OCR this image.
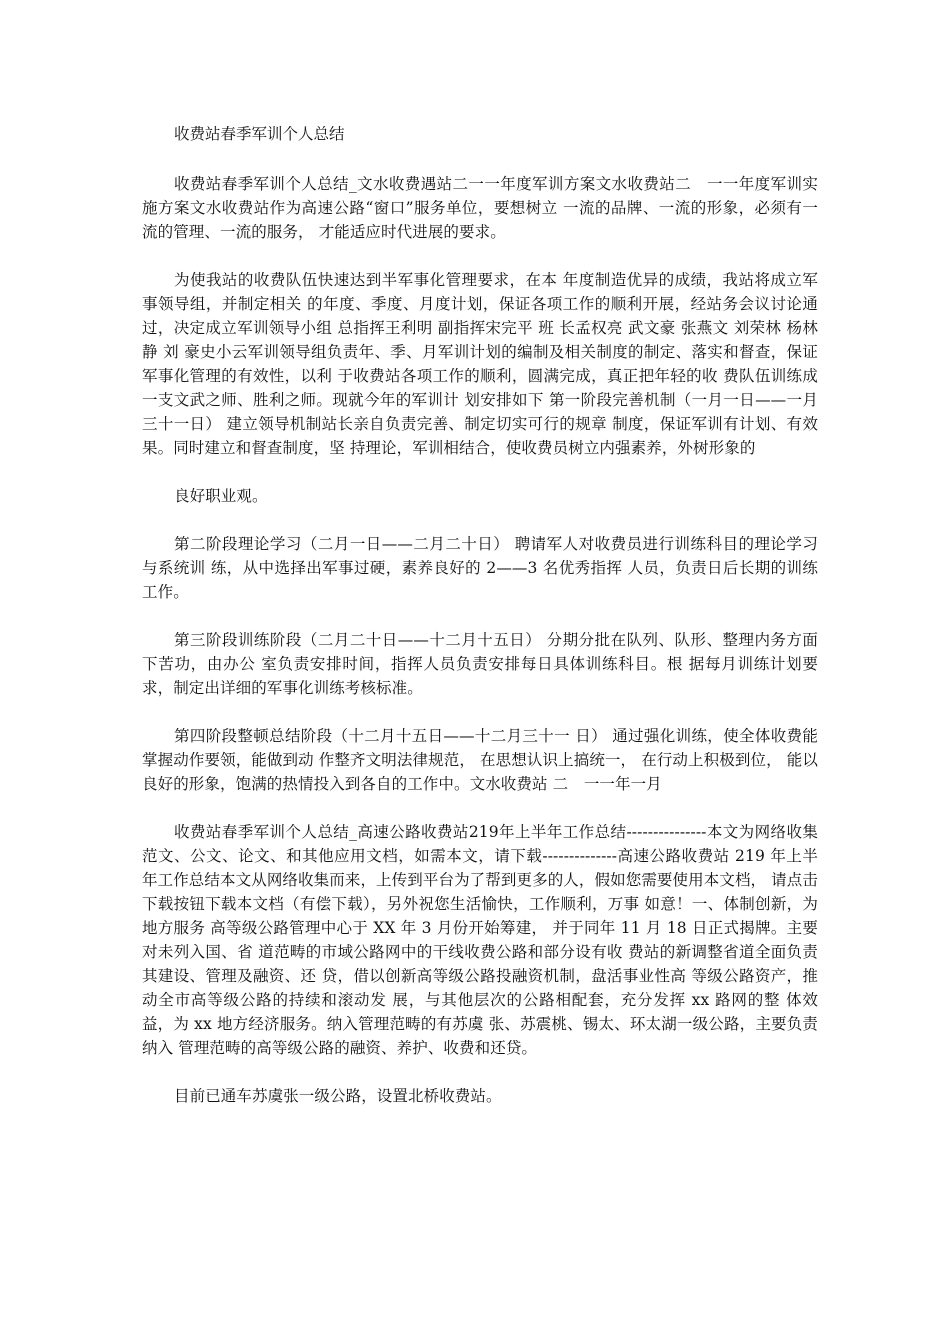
收费站春季军训个人总结

收费站春季军训个人总结_文水收费遇站二一一年度军训方案文水收费站二　一一年度军训实施方案文水收费站作为高速公路“窗口”服务单位，要想树立 一流的品牌、一流的形象，必须有一流的管理、一流的服务， 才能适应时代进展的要求。

为使我站的收费队伍快速达到半军事化管理要求，在本 年度制造优异的成绩，我站将成立军事领导组，并制定相关 的年度、季度、月度计划，保证各项工作的顺利开展，经站务会议讨论通过，决定成立军训领导小组 总指挥王利明 副指挥宋完平 班 长孟权亮 武文豪 张燕文 刘荣林 杨林静 刘 豪史小云军训领导组负责年、季、月军训计划的编制及相关制度的制定、落实和督查，保证军事化管理的有效性，以利 于收费站各项工作的顺利，圆满完成，真正把年轻的收 费队伍训练成一支文武之师、胜利之师。现就今年的军训计 划安排如下 第一阶段完善机制（一月一日——一月三十一日） 建立领导机制站长亲自负责完善、制定切实可行的规章 制度，保证军训有计划、有效果。同时建立和督查制度，坚 持理论，军训相结合，使收费员树立内强素养，外树形象的

良好职业观。

第二阶段理论学习（二月一日——二月二十日） 聘请军人对收费员进行训练科目的理论学习与系统训 练，从中选择出军事过硬，素养良好的 2——3 名优秀指挥 人员，负责日后长期的训练工作。

第三阶段训练阶段（二月二十日——十二月十五日） 分期分批在队列、队形、整理内务方面下苦功，由办公 室负责安排时间，指挥人员负责安排每日具体训练科目。根 据每月训练计划要求，制定出详细的军事化训练考核标准。

第四阶段整顿总结阶段（十二月十五日——十二月三十一 日） 通过强化训练，使全体收费能掌握动作要领，能做到动 作整齐文明法律规范， 在思想认识上搞统一， 在行动上积极到位， 能以良好的形象，饱满的热情投入到各自的工作中。文水收费站 二　一一年一月

收费站春季军训个人总结_高速公路收费站219年上半年工作总结---------------本文为网络收集范文、公文、论文、和其他应用文档，如需本文，请下载--------------高速公路收费站 219 年上半年工作总结本文从网络收集而来，上传到平台为了帮到更多的人，假如您需要使用本文档， 请点击下载按钮下载本文档（有偿下载），另外祝您生活愉快，工作顺利，万事 如意！一、体制创新，为地方服务 高等级公路管理中心于 XX 年 3 月份开始筹建， 并于同年 11 月 18 日正式揭牌。主要对未列入国、省 道范畴的市域公路网中的干线收费公路和部分设有收 费站的新调整省道全面负责其建设、管理及融资、还 贷，借以创新高等级公路投融资机制，盘活事业性高 等级公路资产，推动全市高等级公路的持续和滚动发 展，与其他层次的公路相配套，充分发挥 xx 路网的整 体效益，为 xx 地方经济服务。纳入管理范畴的有苏虞 张、苏震桃、锡太、环太湖一级公路，主要负责纳入 管理范畴的高等级公路的融资、养护、收费和还贷。

目前已通车苏虞张一级公路，设置北桥收费站。
